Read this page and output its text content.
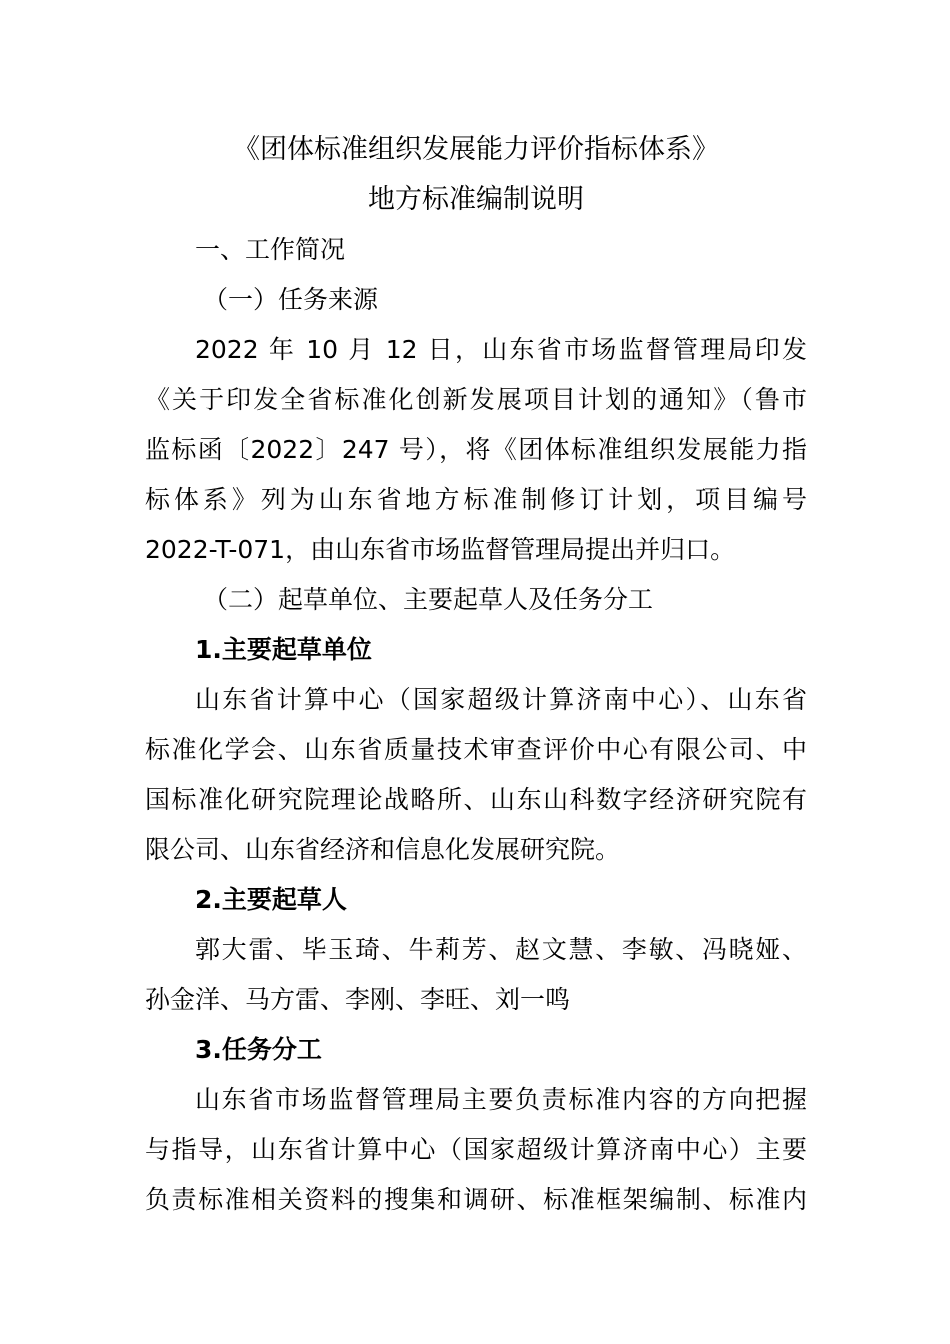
《团体标准组织发展能力评价指标体系》

地方标准编制说明

一、工作简况

（一）任务来源

2022 年 10 月 12 日，山东省市场监督管理局印发

《关于印发全省标准化创新发展项目计划的通知》（鲁市

监标函〔2022〕247 号），将《团体标准组织发展能力指

标体系》列为山东省地方标准制修订计划，项目编号

2022-T-071，由山东省市场监督管理局提出并归口。

（二）起草单位、主要起草人及任务分工

1.主要起草单位

山东省计算中心（国家超级计算济南中心）、山东省

标准化学会、山东省质量技术审查评价中心有限公司、中

国标准化研究院理论战略所、山东山科数字经济研究院有

限公司、山东省经济和信息化发展研究院。

2.主要起草人

郭大雷、毕玉琦、牛莉芳、赵文慧、李敏、冯晓娅、

孙金洋、马方雷、李刚、李旺、刘一鸣

3.任务分工

山东省市场监督管理局主要负责标准内容的方向把握

与指导，山东省计算中心（国家超级计算济南中心）主要

负责标准相关资料的搜集和调研、标准框架编制、标准内
